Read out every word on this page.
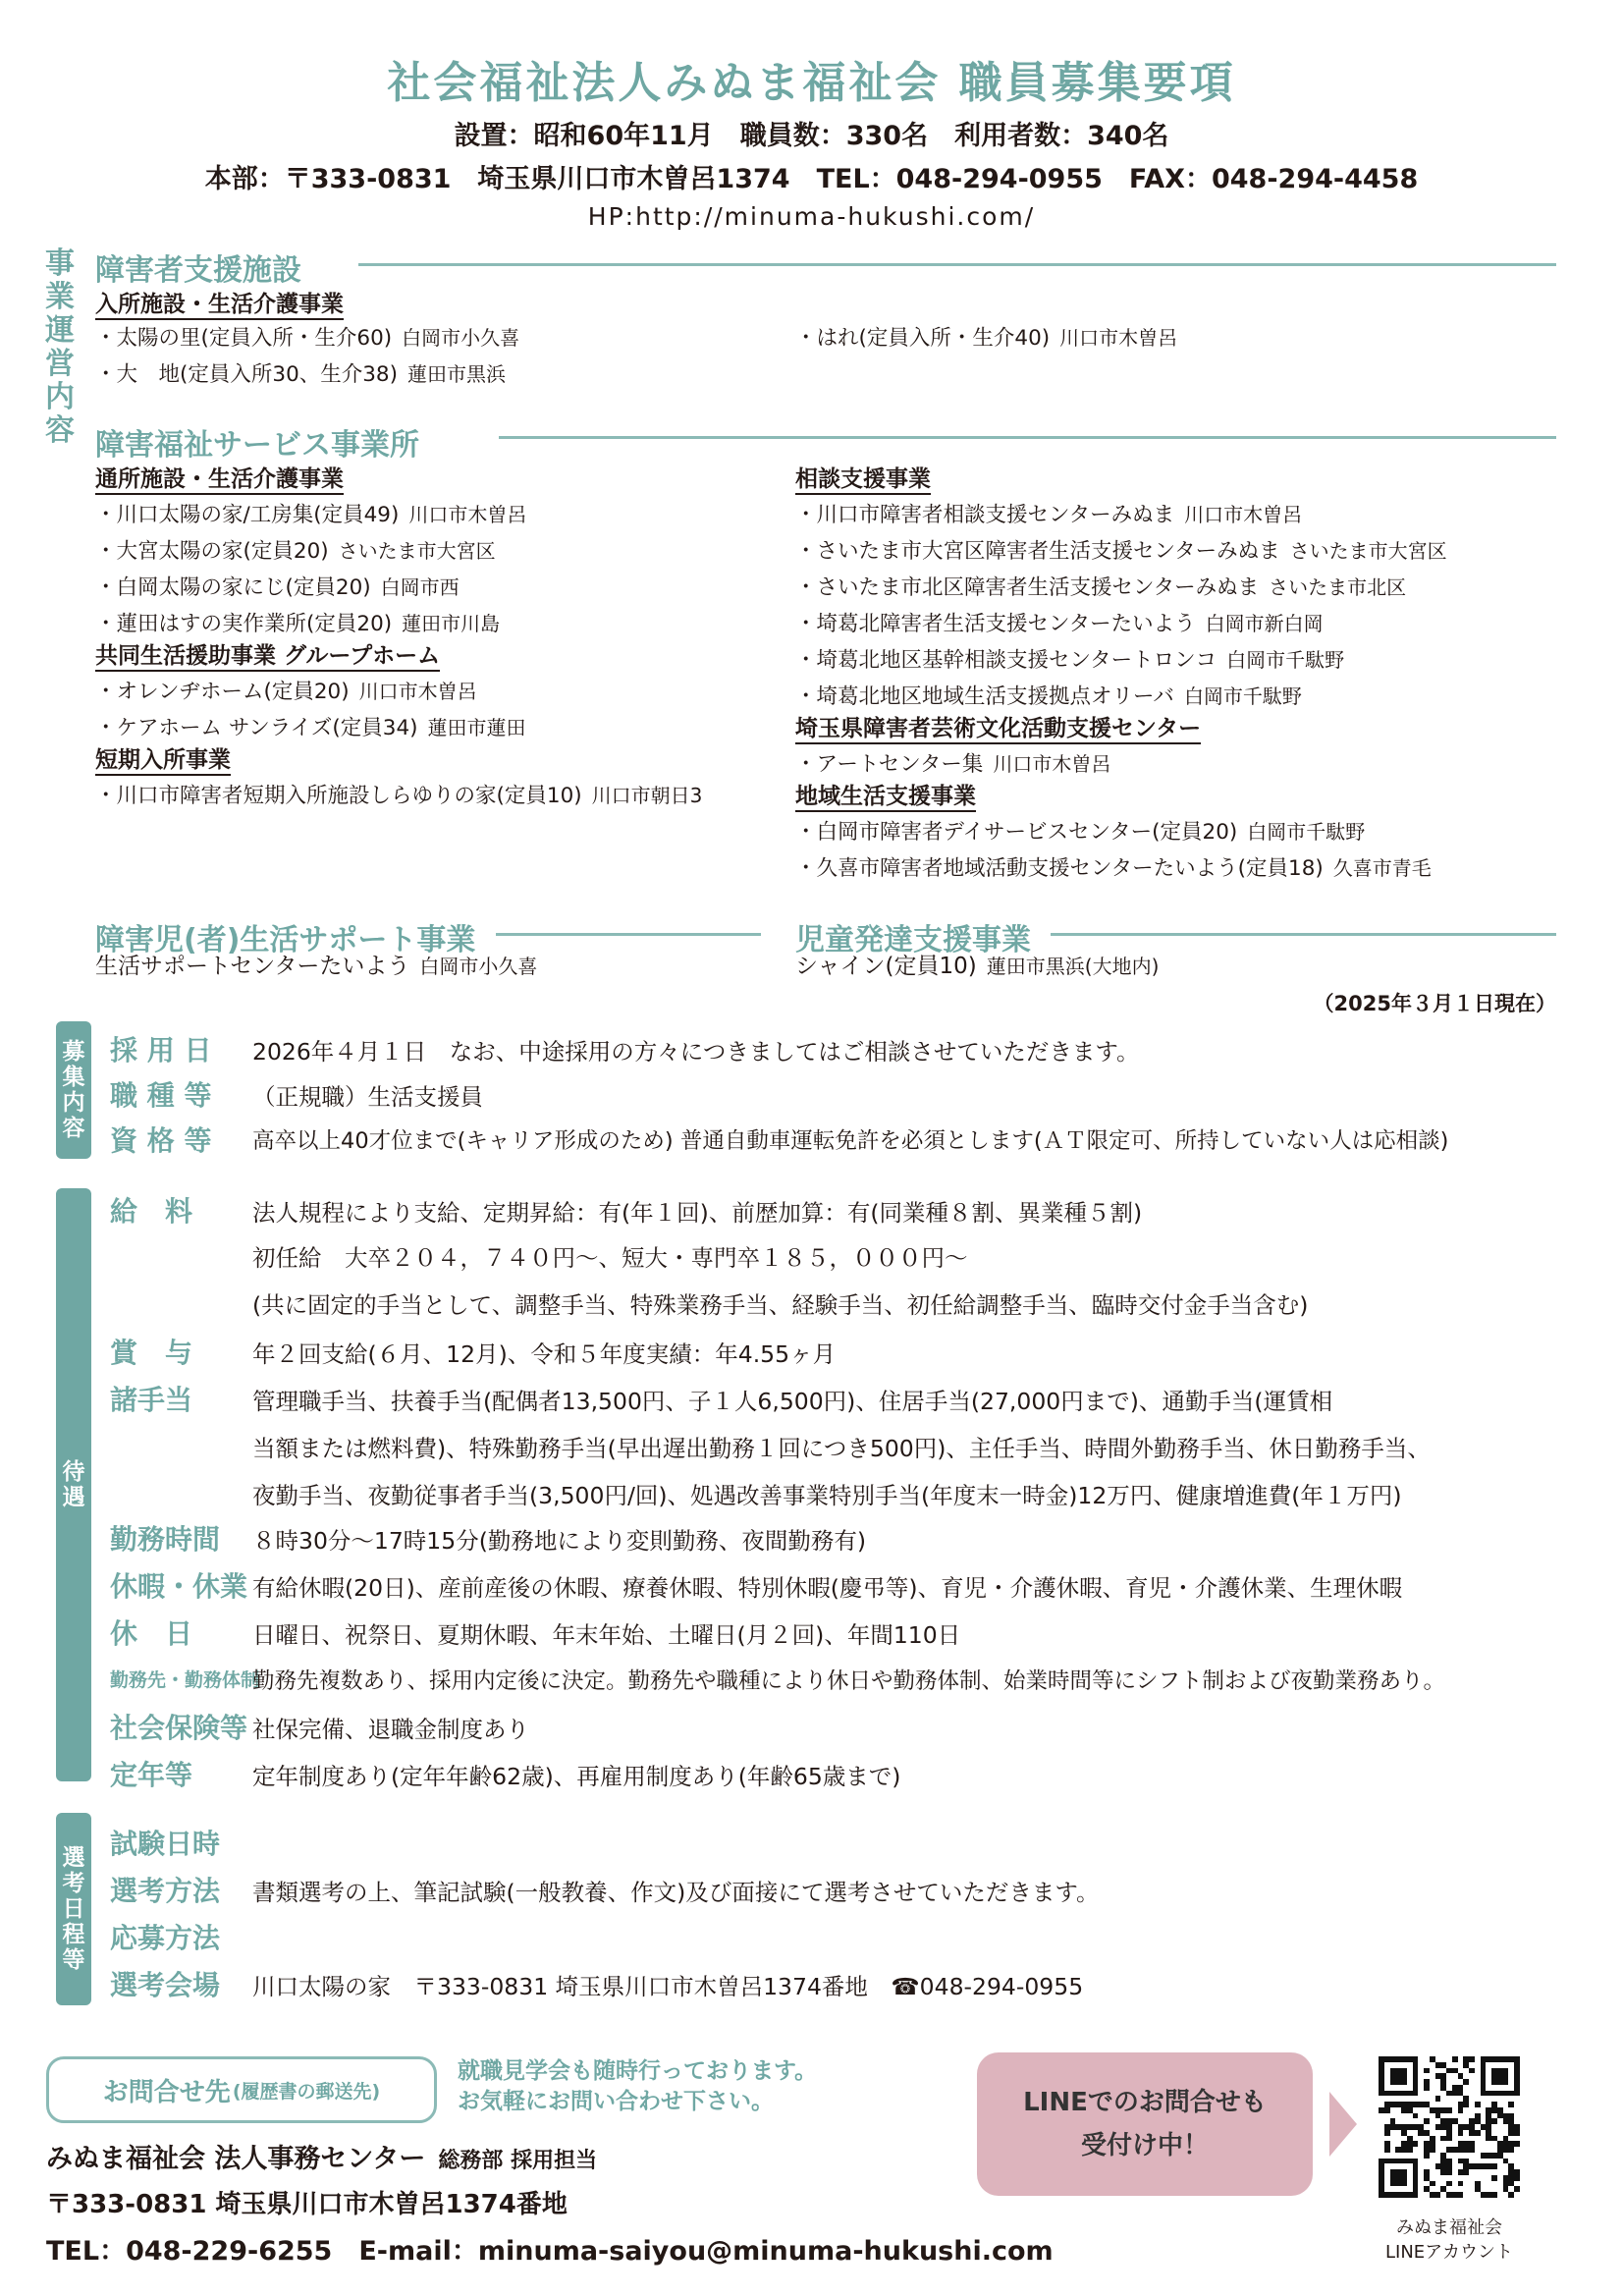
社会福祉法人みぬま福祉会 職員募集要項
設置：昭和60年11月　職員数：330名　利用者数：340名
本部：〒333-0831　埼玉県川口市木曽呂1374　TEL：048-294-0955　FAX：048-294-4458
HP:http://minuma-hukushi.com/
事
業
運
営
内
容
障害者支援施設
入所施設・生活介護事業
・太陽の里(定員入所・生介60) 白岡市小久喜
・大　地(定員入所30、生介38) 蓮田市黒浜
・はれ(定員入所・生介40) 川口市木曽呂
障害福祉サービス事業所
通所施設・生活介護事業
・川口太陽の家/工房集(定員49) 川口市木曽呂
・大宮太陽の家(定員20) さいたま市大宮区
・白岡太陽の家にじ(定員20) 白岡市西
・蓮田はすの実作業所(定員20) 蓮田市川島
共同生活援助事業 グループホーム
・オレンヂホーム(定員20) 川口市木曽呂
・ケアホーム サンライズ(定員34) 蓮田市蓮田
短期入所事業
・川口市障害者短期入所施設しらゆりの家(定員10) 川口市朝日3
相談支援事業
・川口市障害者相談支援センターみぬま 川口市木曽呂
・さいたま市大宮区障害者生活支援センターみぬま さいたま市大宮区
・さいたま市北区障害者生活支援センターみぬま さいたま市北区
・埼葛北障害者生活支援センターたいよう 白岡市新白岡
・埼葛北地区基幹相談支援センタートロンコ 白岡市千駄野
・埼葛北地区地域生活支援拠点オリーバ 白岡市千駄野
埼玉県障害者芸術文化活動支援センター
・アートセンター集 川口市木曽呂
地域生活支援事業
・白岡市障害者デイサービスセンター(定員20) 白岡市千駄野
・久喜市障害者地域活動支援センターたいよう(定員18) 久喜市青毛
障害児(者)生活サポート事業
生活サポートセンターたいよう 白岡市小久喜
児童発達支援事業
シャイン(定員10) 蓮田市黒浜(大地内)
（2025年３月１日現在）
募
集
内
容
採 用 日 2026年４月１日　なお、中途採用の方々につきましてはご相談させていただきます。
職 種 等 （正規職）生活支援員
資 格 等 高卒以上40才位まで(キャリア形成のため) 普通自動車運転免許を必須とします(ＡＴ限定可、所持していない人は応相談)
待
遇
給　料	法人規程により支給、定期昇給：有(年１回)、前歴加算：有(同業種８割、異業種５割)
初任給　大卒２０４，７４０円～、短大・専門卒１８５，０００円～
(共に固定的手当として、調整手当、特殊業務手当、経験手当、初任給調整手当、臨時交付金手当含む)
賞　与	年２回支給(６月、12月)、令和５年度実績：年4.55ヶ月
諸手当	管理職手当、扶養手当(配偶者13,500円、子１人6,500円)、住居手当(27,000円まで)、通勤手当(運賃相
当額または燃料費)、特殊勤務手当(早出遅出勤務１回につき500円)、主任手当、時間外勤務手当、休日勤務手当、
夜勤手当、夜勤従事者手当(3,500円/回)、処遇改善事業特別手当(年度末一時金)12万円、健康増進費(年１万円)
勤務時間 ８時30分～17時15分(勤務地により変則勤務、夜間勤務有)
休暇・休業 有給休暇(20日)、産前産後の休暇、療養休暇、特別休暇(慶弔等)、育児・介護休暇、育児・介護休業、生理休暇
休　日	日曜日、祝祭日、夏期休暇、年末年始、土曜日(月２回)、年間110日
勤務先・勤務体制
勤務先複数あり、採用内定後に決定。勤務先や職種により休日や勤務体制、始業時間等にシフト制および夜勤業務あり。
社会保険等 社保完備、退職金制度あり
定年等	定年制度あり(定年年齢62歳)、再雇用制度あり(年齢65歳まで)
選
考
日
程
等
試験日時
選考方法 書類選考の上、筆記試験(一般教養、作文)及び面接にて選考させていただきます。
応募方法
選考会場 川口太陽の家　〒333-0831 埼玉県川口市木曽呂1374番地　☎048-294-0955
お問合せ先 (履歴書の郵送先)
就職見学会も随時行っております。
お気軽にお問い合わせ下さい。
みぬま福祉会 法人事務センター 総務部 採用担当
〒333-0831 埼玉県川口市木曽呂1374番地
TEL：048-229-6255　E-mail：minuma-saiyou@minuma-hukushi.com
LINEでのお問合せも
受付け中！
みぬま福祉会
LINEアカウント
